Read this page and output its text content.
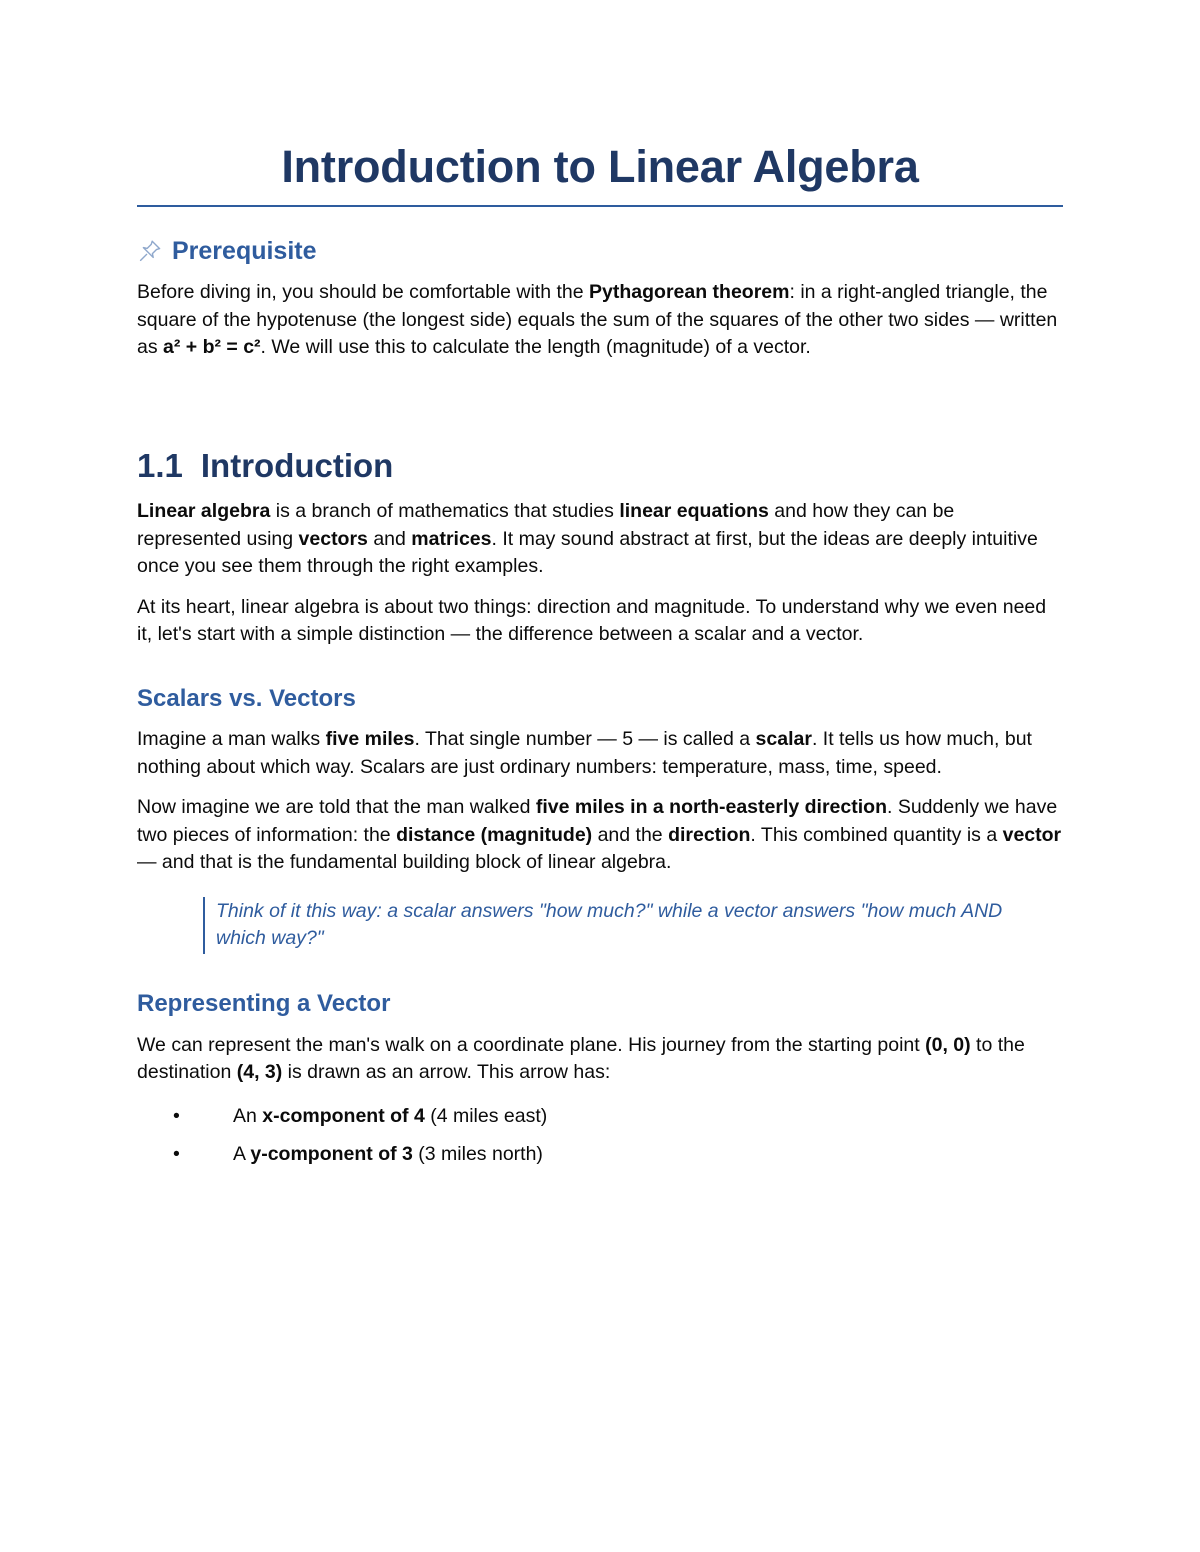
Introduction to Linear Algebra
Prerequisite

Before diving in, you should be comfortable with the Pythagorean theorem: in a right-angled triangle, the square of the hypotenuse (the longest side) equals the sum of the squares of the other two sides — written as a² + b² = c². We will use this to calculate the length (magnitude) of a vector.

1.1 Introduction

Linear algebra is a branch of mathematics that studies linear equations and how they can be represented using vectors and matrices. It may sound abstract at first, but the ideas are deeply intuitive once you see them through the right examples.

At its heart, linear algebra is about two things: direction and magnitude. To understand why we even need it, let's start with a simple distinction — the difference between a scalar and a vector.

Scalars vs. Vectors

Imagine a man walks five miles. That single number — 5 — is called a scalar. It tells us how much, but nothing about which way. Scalars are just ordinary numbers: temperature, mass, time, speed.

Now imagine we are told that the man walked five miles in a north-easterly direction. Suddenly we have two pieces of information: the distance (magnitude) and the direction. This combined quantity is a vector — and that is the fundamental building block of linear algebra.

Think of it this way: a scalar answers "how much?" while a vector answers "how much AND which way?"
Representing a Vector

We can represent the man's walk on a coordinate plane. His journey from the starting point (0, 0) to the destination (4, 3) is drawn as an arrow. This arrow has:

•	An x-component of 4 (4 miles east)
•	A y-component of 3 (3 miles north)
